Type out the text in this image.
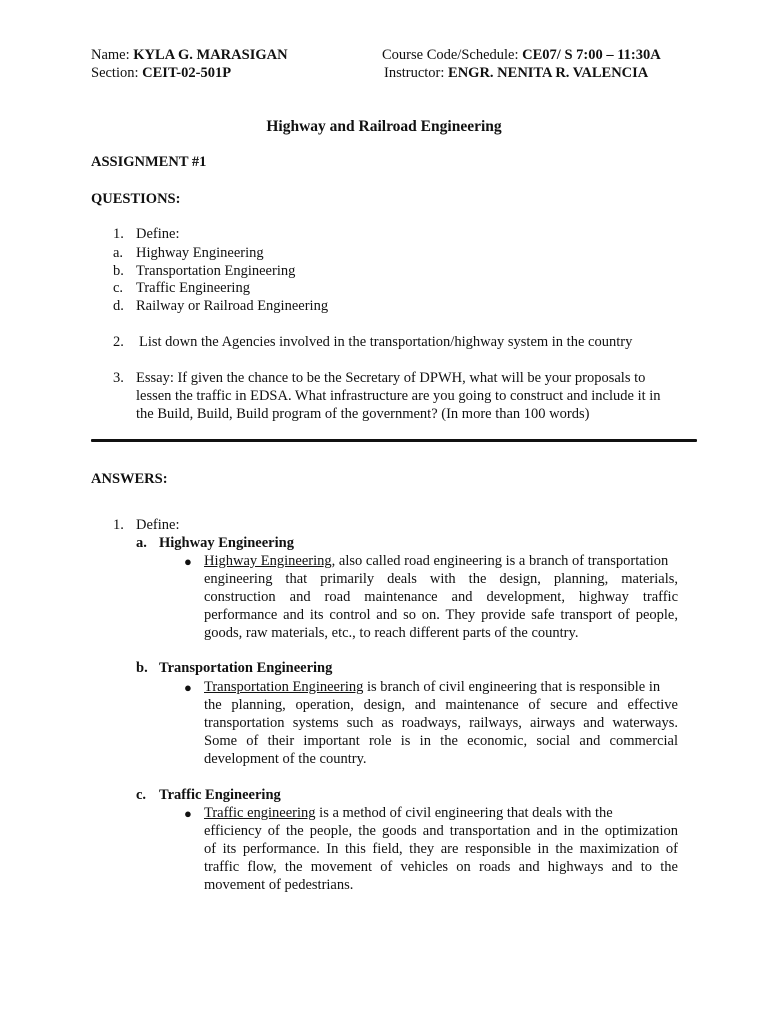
Name: KYLA G. MARASIGAN
Section: CEIT-02-501P
Course Code/Schedule: CE07/ S 7:00 – 11:30A
Instructor: ENGR. NENITA R. VALENCIA
Highway and Railroad Engineering
ASSIGNMENT #1
QUESTIONS:
1. Define:
a. Highway Engineering
b. Transportation Engineering
c. Traffic Engineering
d. Railway or Railroad Engineering
2. List down the Agencies involved in the transportation/highway system in the country
3. Essay: If given the chance to be the Secretary of DPWH, what will be your proposals to
lessen the traffic in EDSA. What infrastructure are you going to construct and include it in
the Build, Build, Build program of the government? (In more than 100 words)
ANSWERS:
1. Define:
a. Highway Engineering
● Highway Engineering, also called road engineering is a branch of transportation
engineering that primarily deals with the design, planning, materials,
construction and road maintenance and development, highway traffic
performance and its control and so on. They provide safe transport of people,
goods, raw materials, etc., to reach different parts of the country.
b. Transportation Engineering
● Transportation Engineering is branch of civil engineering that is responsible in
the planning, operation, design, and maintenance of secure and effective
transportation systems such as roadways, railways, airways and waterways.
Some of their important role is in the economic, social and commercial
development of the country.
c. Traffic Engineering
● Traffic engineering is a method of civil engineering that deals with the
efficiency of the people, the goods and transportation and in the optimization
of its performance. In this field, they are responsible in the maximization of
traffic flow, the movement of vehicles on roads and highways and to the
movement of pedestrians.
